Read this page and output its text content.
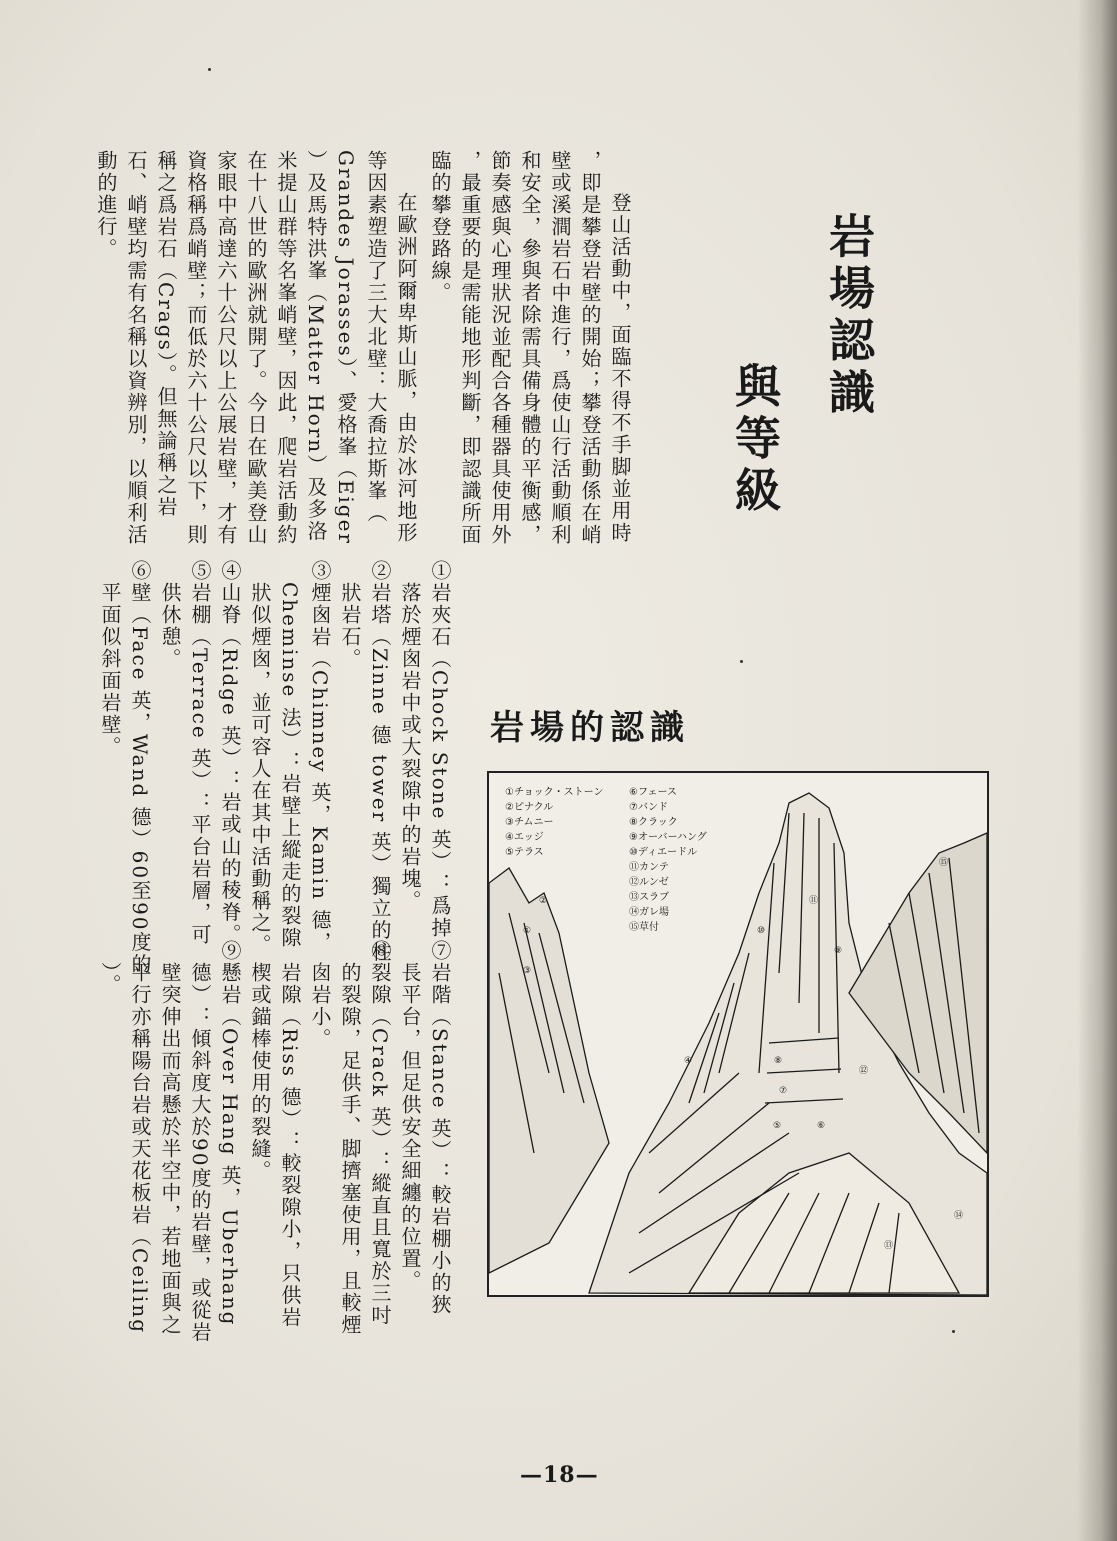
岩場認識
與等級
　登山活動中，面臨不得不手脚並用時
，即是攀登岩壁的開始；攀登活動係在峭
壁或溪澗岩石中進行，爲使山行活動順利
和安全，參與者除需具備身體的平衡感，
節奏感與心理狀況並配合各種器具使用外
，最重要的是需能地形判斷，即認識所面
臨的攀登路線。
　在歐洲阿爾卑斯山脈，由於冰河地形
等因素塑造了三大北壁：大喬拉斯峯（
Grandes Jorasses）、愛格峯（Eiger
）及馬特洪峯（Matter Horn）及多洛
米提山群等名峯峭壁，因此，爬岩活動約
在十八世的歐洲就開了。今日在歐美登山
家眼中高達六十公尺以上公展岩壁，才有
資格稱爲峭壁；而低於六十公尺以下，則
稱之爲岩石（Crags）。但無論稱之岩
石、峭壁均需有名稱以資辨別，以順利活
動的進行。
①岩夾石（Chock Stone 英）：爲掉
　落於煙囪岩中或大裂隙中的岩塊。
②岩塔（Zinne 德 tower 英）獨立的柱
　狀岩石。
③煙囪岩（Chimney 英，Kamin 德，
　Cheminse 法）：岩壁上縱走的裂隙
　狀似煙囪，並可容人在其中活動稱之。
④山脊（Ridge 英）：岩或山的稜脊。
⑤岩棚（Terrace 英）：平台岩層，可
　供休憩。
⑥壁（Face 英，Wand 德）60至90度的
　平面似斜面岩壁。
⑦岩階（Stance 英）：較岩棚小的狹
　長平台，但足供安全細纏的位置。
⑧裂隙（Crack 英）：縱直且寬於三吋
　的裂隙，足供手、脚擠塞使用，且較煙
　囱岩小。
　岩隙（Riss 德）：較裂隙小，只供岩
　楔或錨棒使用的裂縫。
⑨懸岩（Over Hang 英，Uberhang
　德）：傾斜度大於90度的岩壁，或從岩
　壁突伸出而高懸於半空中，若地面與之
　平行亦稱陽台岩或天花板岩（Ceiling
　）。
岩場的認識
①チョック・ストーン
②ピナクル
③チムニー
④エッジ
⑤テラス
⑥フェース
⑦バンド
⑧クラック
⑨オーバーハング
⑩ディエードル
⑪カンテ
⑫ルンゼ
⑬スラブ
⑭ガレ場
⑮草付
②
①
③
④
⑤	⑥
⑦
⑧
⑨
⑩
⑪
⑫
⑬
⑭
⑮
—18—
